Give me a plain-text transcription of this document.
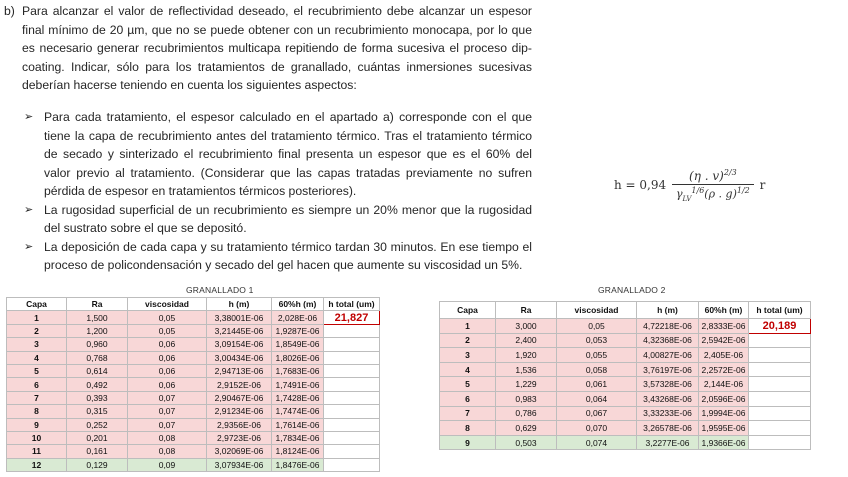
b) Para alcanzar el valor de reflectividad deseado, el recubrimiento debe alcanzar un espesor final mínimo de 20 µm, que no se puede obtener con un recubrimiento monocapa, por lo que es necesario generar recubrimientos multicapa repitiendo de forma sucesiva el proceso dip-coating. Indicar, sólo para los tratamientos de granallado, cuántas inmersiones sucesivas deberían hacerse teniendo en cuenta los siguientes aspectos:
➢ Para cada tratamiento, el espesor calculado en el apartado a) corresponde con el que tiene la capa de recubrimiento antes del tratamiento térmico. Tras el tratamiento térmico de secado y sinterizado el recubrimiento final presenta un espesor que es el 60% del valor previo al tratamiento. (Considerar que las capas tratadas previamente no sufren pérdida de espesor en tratamientos térmicos posteriores).
➢ La rugosidad superficial de un recubrimiento es siempre un 20% menor que la rugosidad del sustrato sobre el que se depositó.
➢ La deposición de cada capa y su tratamiento térmico tardan 30 minutos. En ese tiempo el proceso de policondensación y secado del gel hacen que aumente su viscosidad un 5%.
$h = 0,94 \frac{(\eta . v)^{2/3}}{\gamma_{LV}^{1/6}(\rho . g)^{1/2}}$ r
GRANALLADO 1
Capa	Ra	viscosidad	h (m)	60%h (m)	h total (um)
1	1,500	0,05	3,38001E-06	2,028E-06	21,827
2	1,200	0,05	3,21445E-06	1,9287E-06	
3	0,960	0,06	3,09154E-06	1,8549E-06	
4	0,768	0,06	3,00434E-06	1,8026E-06	
5	0,614	0,06	2,94713E-06	1,7683E-06	
6	0,492	0,06	2,9152E-06	1,7491E-06	
7	0,393	0,07	2,90467E-06	1,7428E-06	
8	0,315	0,07	2,91234E-06	1,7474E-06	
9	0,252	0,07	2,9356E-06	1,7614E-06	
10	0,201	0,08	2,9723E-06	1,7834E-06	
11	0,161	0,08	3,02069E-06	1,8124E-06	
12	0,129	0,09	3,07934E-06	1,8476E-06	
GRANALLADO 2
Capa	Ra	viscosidad	h (m)	60%h (m)	h total (um)
1	3,000	0,05	4,72218E-06	2,8333E-06	20,189
2	2,400	0,053	4,32368E-06	2,5942E-06	
3	1,920	0,055	4,00827E-06	2,405E-06	
4	1,536	0,058	3,76197E-06	2,2572E-06	
5	1,229	0,061	3,57328E-06	2,144E-06	
6	0,983	0,064	3,43268E-06	2,0596E-06	
7	0,786	0,067	3,33233E-06	1,9994E-06	
8	0,629	0,070	3,26578E-06	1,9595E-06	
9	0,503	0,074	3,2277E-06	1,9366E-06	
